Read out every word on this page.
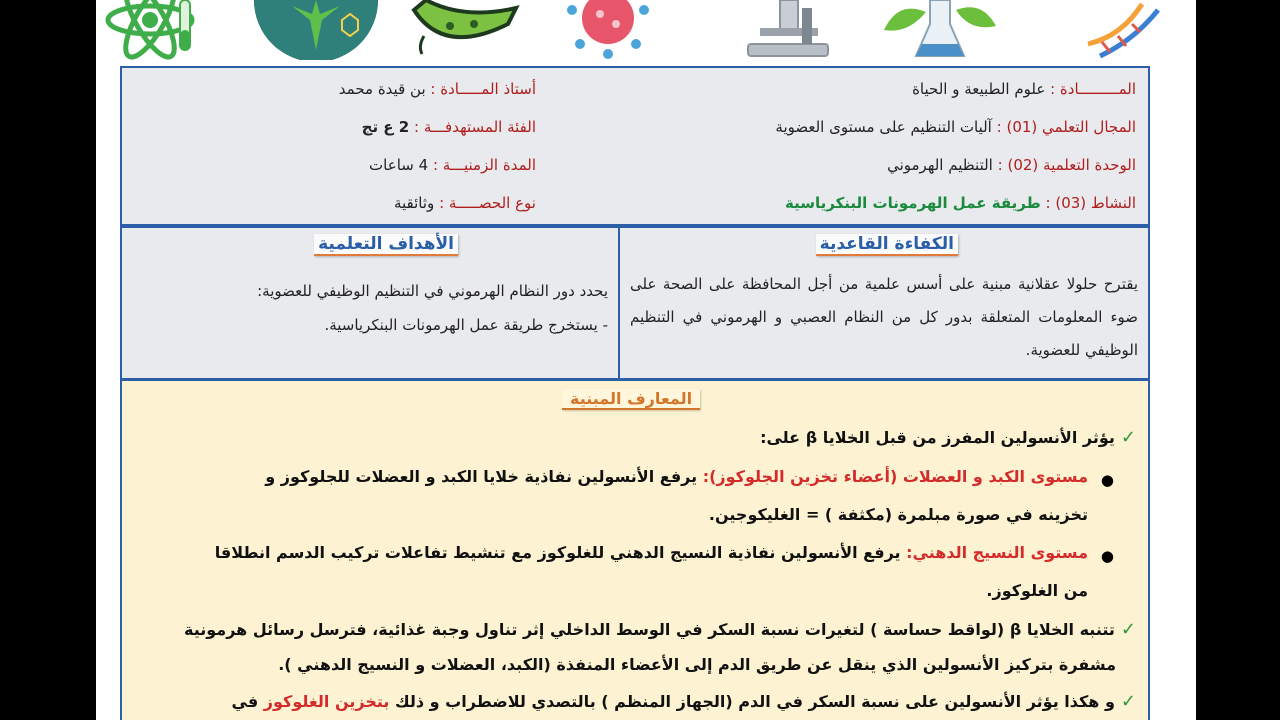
المـــــــــادة : علوم الطبيعة و الحياة
المجال التعلمي (01) : آليات التنظيم على مستوى العضوية
الوحدة التعلمية (02) : التنظيم الهرموني
النشاط (03) : طريقة عمل الهرمونات البنكرياسية
أستاذ المـــــادة : بن قيدة محمد
الفئة المستهدفـــة : 2 ع تج
المدة الزمنيـــة : 4 ساعات
نوع الحصـــــة : وثائقية
الكفاءة القاعدية
يقترح حلولا عقلانية مبنية على أسس علمية من أجل المحافظة على الصحة على ضوء المعلومات المتعلقة بدور كل من النظام العصبي و الهرموني في التنظيم الوظيفي للعضوية.
الأهداف التعلمية
يحدد دور النظام الهرموني في التنظيم الوظيفي للعضوية:
- يستخرج طريقة عمل الهرمونات البنكرياسية.
المعارف المبنية
✓يؤثر الأنسولين المفرز من قبل الخلايا β على:
●
مستوى الكبد و العضلات (أعضاء تخزين الجلوكوز): يرفع الأنسولين نفاذية خلايا الكبد و العضلات للجلوكوز و
تخزينه في صورة مبلمرة (مكثفة ) = الغليكوجين.
●
مستوى النسيج الدهني: يرفع الأنسولين نفاذية النسيج الدهني للغلوكوز مع تنشيط تفاعلات تركيب الدسم انطلاقا
من الغلوكوز.
✓تتنبه الخلايا β (لواقط حساسة ) لتغيرات نسبة السكر في الوسط الداخلي إثر تناول وجبة غذائية، فترسل رسائل هرمونية
مشفرة بتركيز الأنسولين الذي ينقل عن طريق الدم إلى الأعضاء المنفذة (الكبد، العضلات و النسيج الدهني ).
✓و هكذا يؤثر الأنسولين على نسبة السكر في الدم (الجهاز المنظم ) بالتصدي للاضطراب و ذلك بتخزين الغلوكوز في
